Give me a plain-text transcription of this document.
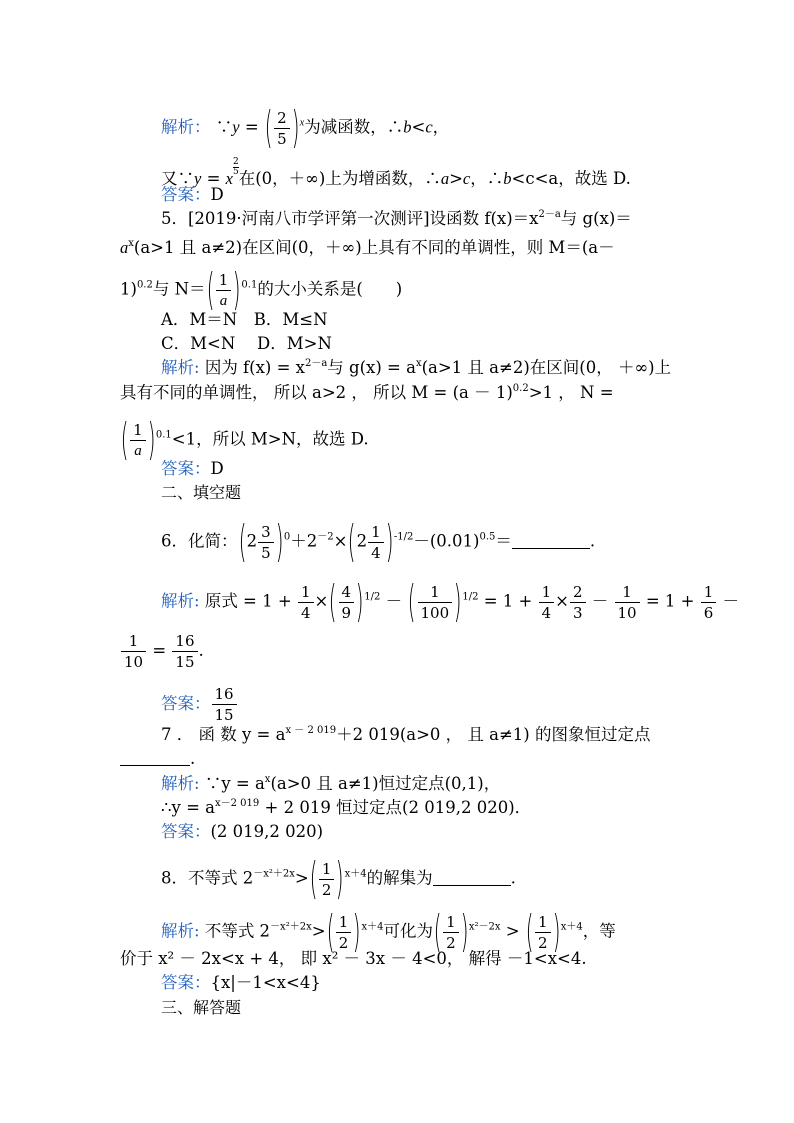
解析： ∵y = ( $\frac{2}{5} )^x$为减函数，∴b<c，
又∵y = x
$^{\frac{2}{5}}$
在(0，＋∞)上为增函数，∴a>c，∴b<c<a，故选 D.
答案：D
5．[2019·河南八市学评第一次测评]设函数 $f(x)=x^{2-a}$与 g(x)＝
$a^x(a>1$ 且 a≠2)在区间(0，＋∞)上具有不同的单调性，则 M＝(a－
1)$^{0.2}$与 $N=( \frac{1}{a} )^{0.1}$的大小关系是(　　)
A．M＝N　B．M≤N
C．M<N　 D．M>N
解析: 因为 $f(x) = x^{2-a}$与 $g(x) = a^x(a>1$ 且 a≠2)在区间(0， ＋∞)上
具有不同的单调性， 所以 a>2 ， 所以 $M = (a - 1)^{0.2}>1$ ， N =
( $\frac{1}{a} )^{0.1}<1$，所以 M>N，故选 D.
答案：D
二、填空题
6．化简：$(2 \frac{3}{5} )^0+2^{-2}\times(2 \frac{1}{4} )^{-1/2}-(0.01)^{0.5}=$	.
解析: 原式 = $1 + \frac{1}{4}$ ×( $\frac{4}{9} )^{1/2}$ － ( $\frac{1}{100} )^{1/2} = 1 + \frac{1}{4} \times \frac{2}{3} - \frac{1}{10} = 1 + \frac{1}{6}$ －
$\frac{1}{10} = \frac{16}{15}$ .
答案： $\frac{16}{15}$
7 ． 函 数 $y = a^{x - 2 019}+2$ 019(a>0 ， 且 a≠1) 的图象恒过定点
.
解析: ∵y = $a^x(a>0$ 且 a≠1)恒过定点(0,1)，
∴y = $a^{x-2 019} + 2$ 019 恒过定点(2 019,2 020)．
答案：(2 019,2 020)
8．不等式 $2^{-x^2+2x}>( \frac{1}{2} )^{x+4}$的解集为	.
解析: 不等式 $2^{-x^2+2x}>( \frac{1}{2} )^{x+4}$可化为( $\frac{1}{2} )^{x^2-2x}$ > ( $\frac{1}{2} )^{x+4}$，等
价于 x² － 2x<x + 4， 即 x² － 3x － 4<0， 解得 －1<x<4.
答案：{x|－1<x<4}
三、解答题
